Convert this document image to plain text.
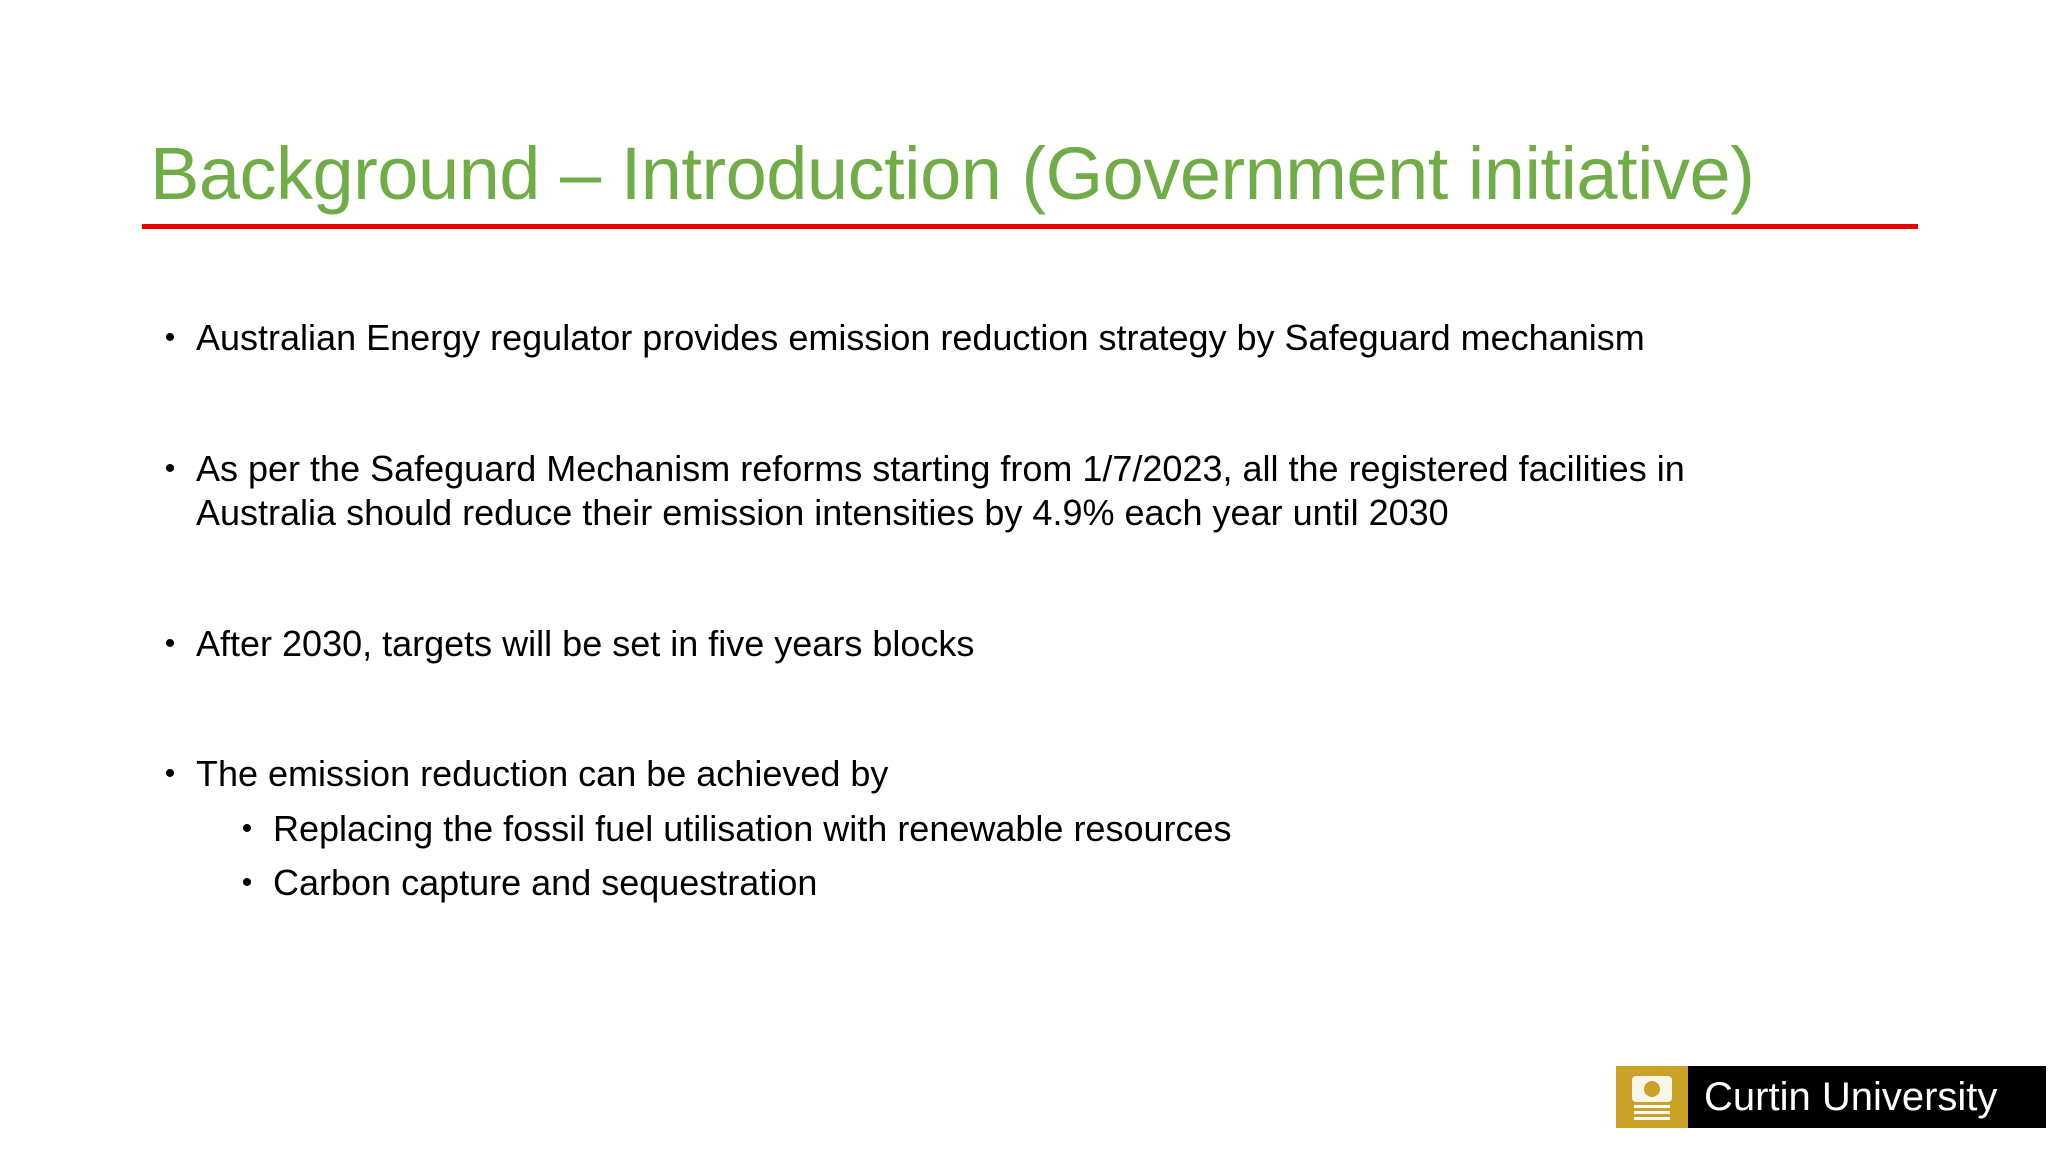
Background – Introduction (Government initiative)
• Australian Energy regulator provides emission reduction strategy by Safeguard mechanism
• As per the Safeguard Mechanism reforms starting from 1/7/2023, all the registered facilities in
Australia should reduce their emission intensities by 4.9% each year until 2030
• After 2030, targets will be set in five years blocks
• The emission reduction can be achieved by
• Replacing the fossil fuel utilisation with renewable resources
• Carbon capture and sequestration
Curtin University
